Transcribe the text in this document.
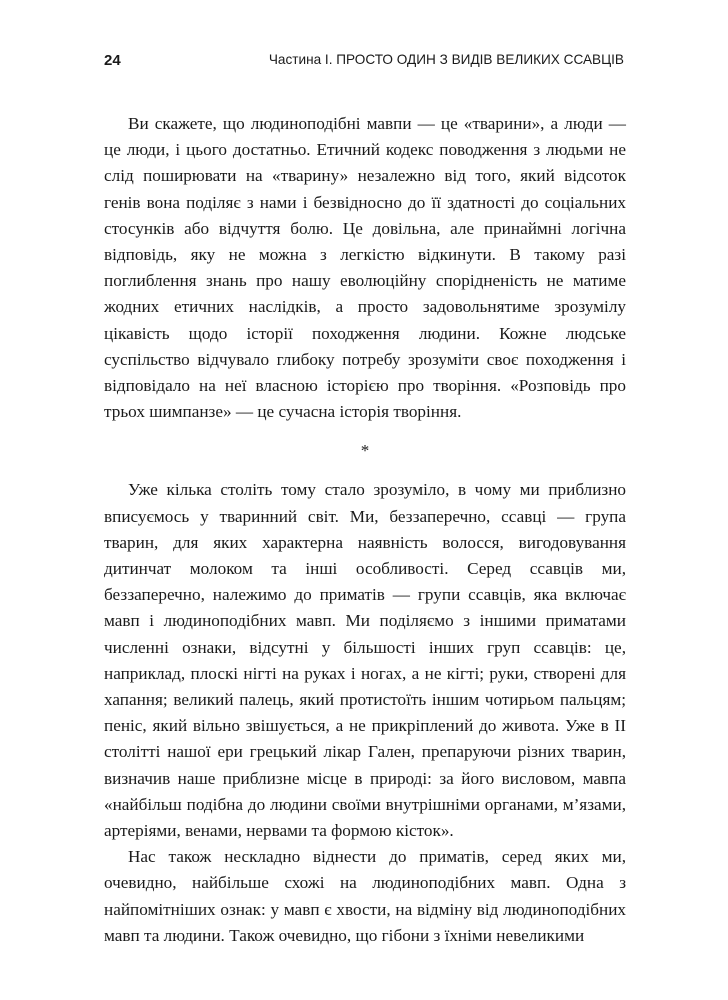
24	Частина І. ПРОСТО ОДИН З ВИДІВ ВЕЛИКИХ ССАВЦІВ

Ви скажете, що людиноподібні мавпи — це «тварини», а люди — це люди, і цього достатньо. Етичний кодекс поводження з людьми не слід поширювати на «тварину» незалежно від того, який відсоток генів вона поділяє з нами і безвідносно до її здатності до соціальних стосунків або відчуття болю. Це довільна, але принаймні логічна відповідь, яку не можна з легкістю відкинути. В такому разі поглиблення знань про нашу еволюційну спорідненість не матиме жодних етичних наслідків, а просто задовольнятиме зрозумілу цікавість щодо історії походження людини. Кожне людське суспільство відчувало глибоку потребу зрозуміти своє походження і відповідало на неї власною історією про творіння. «Розповідь про трьох шимпанзе» — це сучасна історія творіння.

*

Уже кілька століть тому стало зрозуміло, в чому ми приблизно вписуємось у тваринний світ. Ми, беззаперечно, ссавці — група тварин, для яких характерна наявність волосся, вигодовування дитинчат молоком та інші особливості. Серед ссавців ми, беззаперечно, належимо до приматів — групи ссавців, яка включає мавп і людиноподібних мавп. Ми поділяємо з іншими приматами численні ознаки, відсутні у більшості інших груп ссавців: це, наприклад, плоскі нігті на руках і ногах, а не кігті; руки, створені для хапання; великий палець, який протистоїть іншим чотирьом пальцям; пеніс, який вільно звішується, а не прикріплений до живота. Уже в II столітті нашої ери грецький лікар Гален, препаруючи різних тварин, визначив наше приблизне місце в природі: за його висловом, мавпа «найбільш подібна до людини своїми внутрішніми органами, м’язами, артеріями, венами, нервами та формою кісток».

Нас також нескладно віднести до приматів, серед яких ми, очевидно, найбільше схожі на людиноподібних мавп. Одна з найпомітніших ознак: у мавп є хвости, на відміну від людиноподібних мавп та людини. Також очевидно, що гібони з їхніми невеликими
